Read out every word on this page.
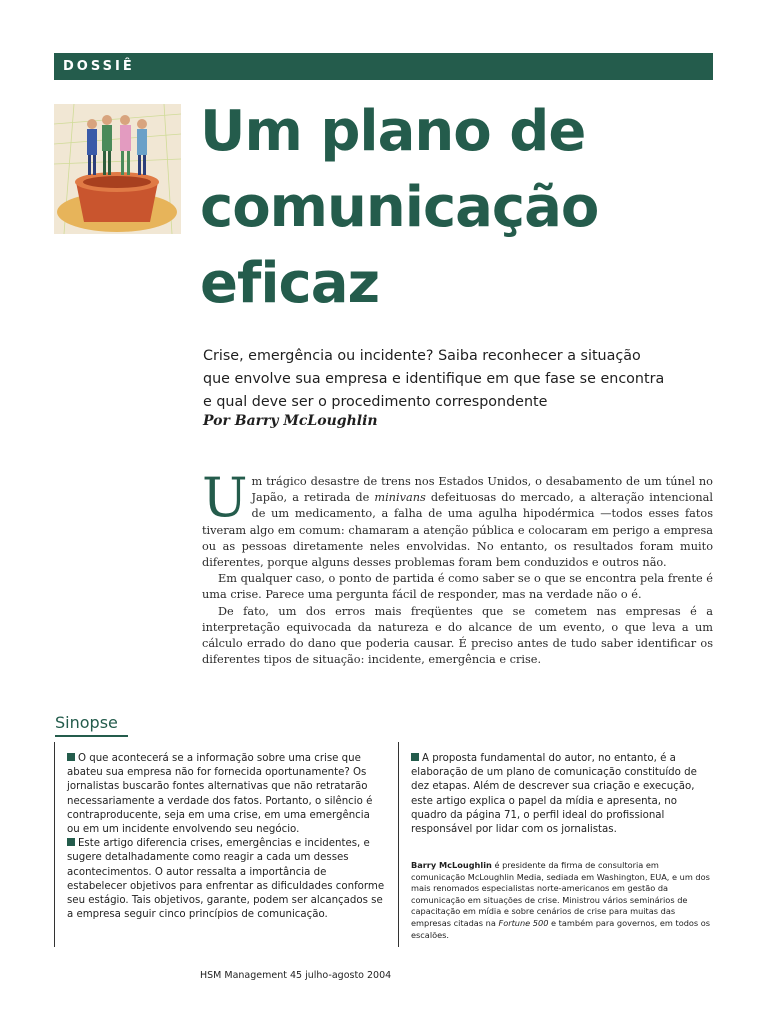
DOSSIÊ
Um plano de
comunicação
eficaz

Crise, emergência ou incidente? Saiba reconhecer a situação
que envolve sua empresa e identifique em que fase se encontra
e qual deve ser o procedimento correspondente

Por Barry McLoughlin

Um trágico desastre de trens nos Estados Unidos, o desabamento de um túnel no Japão, a retirada de minivans defeituosas do mercado, a alteração intencional de um medicamento, a falha de uma agulha hipodérmica —todos esses fatos tiveram algo em comum: chamaram a atenção pública e colocaram em perigo a empresa ou as pessoas diretamente neles envolvidas. No entanto, os resultados foram muito diferentes, porque alguns desses problemas foram bem conduzidos e outros não.

Em qualquer caso, o ponto de partida é como saber se o que se encontra pela frente é uma crise. Parece uma pergunta fácil de responder, mas na verdade não o é.

De fato, um dos erros mais freqüentes que se cometem nas empresas é a interpretação equivocada da natureza e do alcance de um evento, o que leva a um cálculo errado do dano que poderia causar. É preciso antes de tudo saber identificar os diferentes tipos de situação: incidente, emergência e crise.

Sinopse

O que acontecerá se a informação sobre uma crise que abateu sua empresa não for fornecida oportunamente? Os jornalistas buscarão fontes alternativas que não retratarão necessariamente a verdade dos fatos. Portanto, o silêncio é contraproducente, seja em uma crise, em uma emergência ou em um incidente envolvendo seu negócio.

Este artigo diferencia crises, emergências e incidentes, e sugere detalhadamente como reagir a cada um desses acontecimentos. O autor ressalta a importância de estabelecer objetivos para enfrentar as dificuldades conforme seu estágio. Tais objetivos, garante, podem ser alcançados se a empresa seguir cinco princípios de comunicação.

A proposta fundamental do autor, no entanto, é a elaboração de um plano de comunicação constituído de dez etapas. Além de descrever sua criação e execução, este artigo explica o papel da mídia e apresenta, no quadro da página 71, o perfil ideal do profissional responsável por lidar com os jornalistas.

Barry McLoughlin é presidente da firma de consultoria em comunicação McLoughlin Media, sediada em Washington, EUA, e um dos mais renomados especialistas norte-americanos em gestão da comunicação em situações de crise. Ministrou vários seminários de capacitação em mídia e sobre cenários de crise para muitas das empresas citadas na Fortune 500 e também para governos, em todos os escalões.
HSM Management 45 julho-agosto 2004
